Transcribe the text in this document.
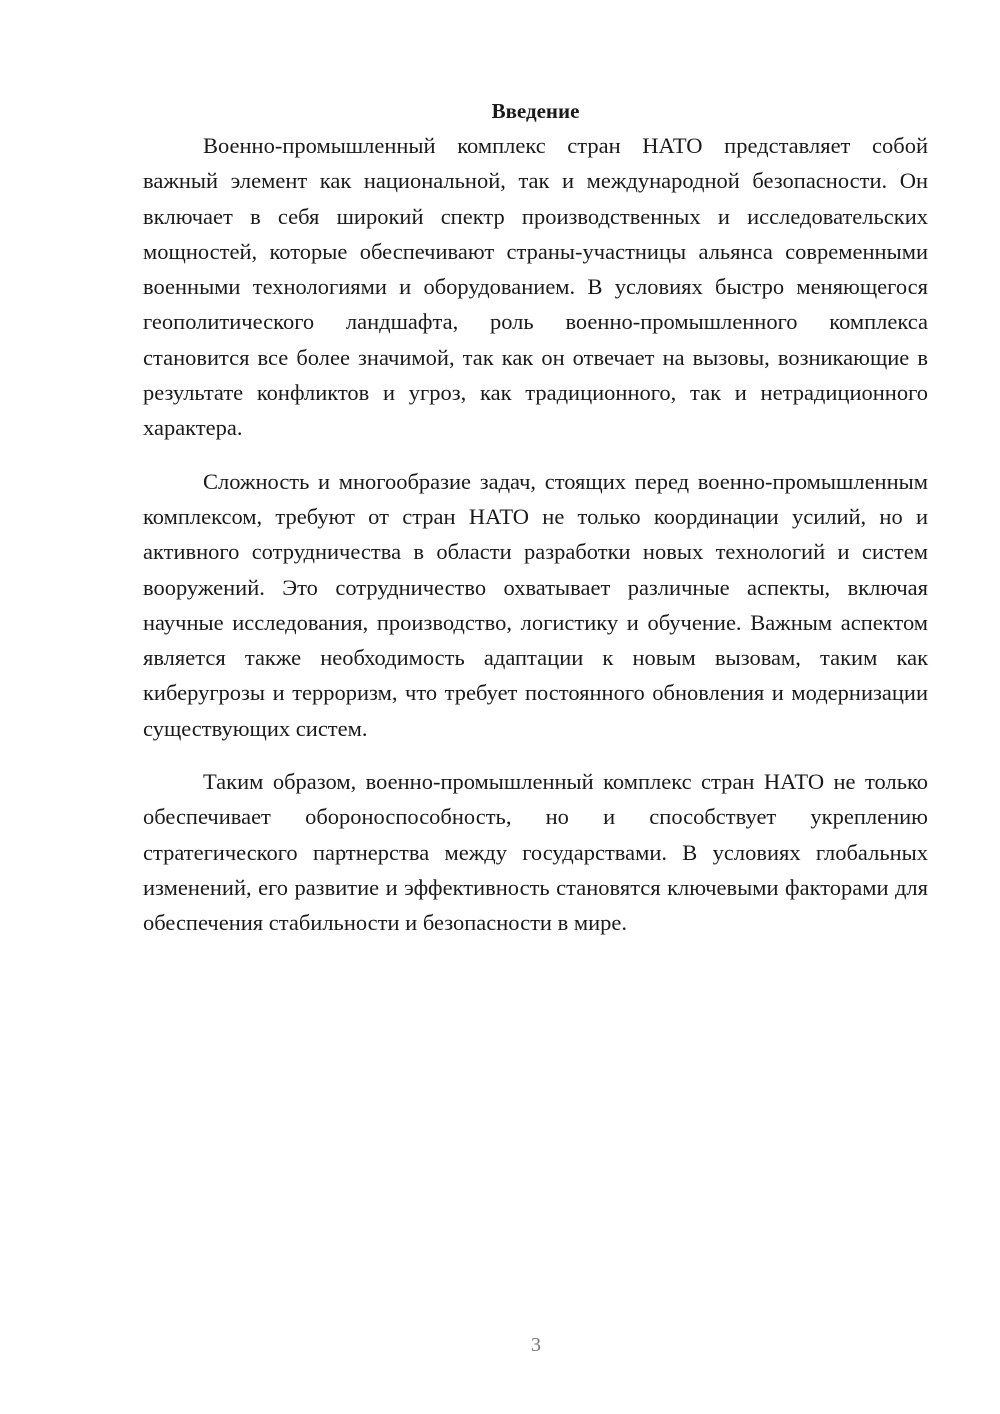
Введение

Военно-промышленный комплекс стран НАТО представляет собой важный элемент как национальной, так и международной безопасности. Он включает в себя широкий спектр производственных и исследовательских мощностей, которые обеспечивают страны-участницы альянса современными военными технологиями и оборудованием. В условиях быстро меняющегося геополитического ландшафта, роль военно-промышленного комплекса становится все более значимой, так как он отвечает на вызовы, возникающие в результате конфликтов и угроз, как традиционного, так и нетрадиционного характера.

Сложность и многообразие задач, стоящих перед военно-промышленным комплексом, требуют от стран НАТО не только координации усилий, но и активного сотрудничества в области разработки новых технологий и систем вооружений. Это сотрудничество охватывает различные аспекты, включая научные исследования, производство, логистику и обучение. Важным аспектом является также необходимость адаптации к новым вызовам, таким как киберугрозы и терроризм, что требует постоянного обновления и модернизации существующих систем.

Таким образом, военно-промышленный комплекс стран НАТО не только обеспечивает обороноспособность, но и способствует укреплению стратегического партнерства между государствами. В условиях глобальных изменений, его развитие и эффективность становятся ключевыми факторами для обеспечения стабильности и безопасности в мире.

3
